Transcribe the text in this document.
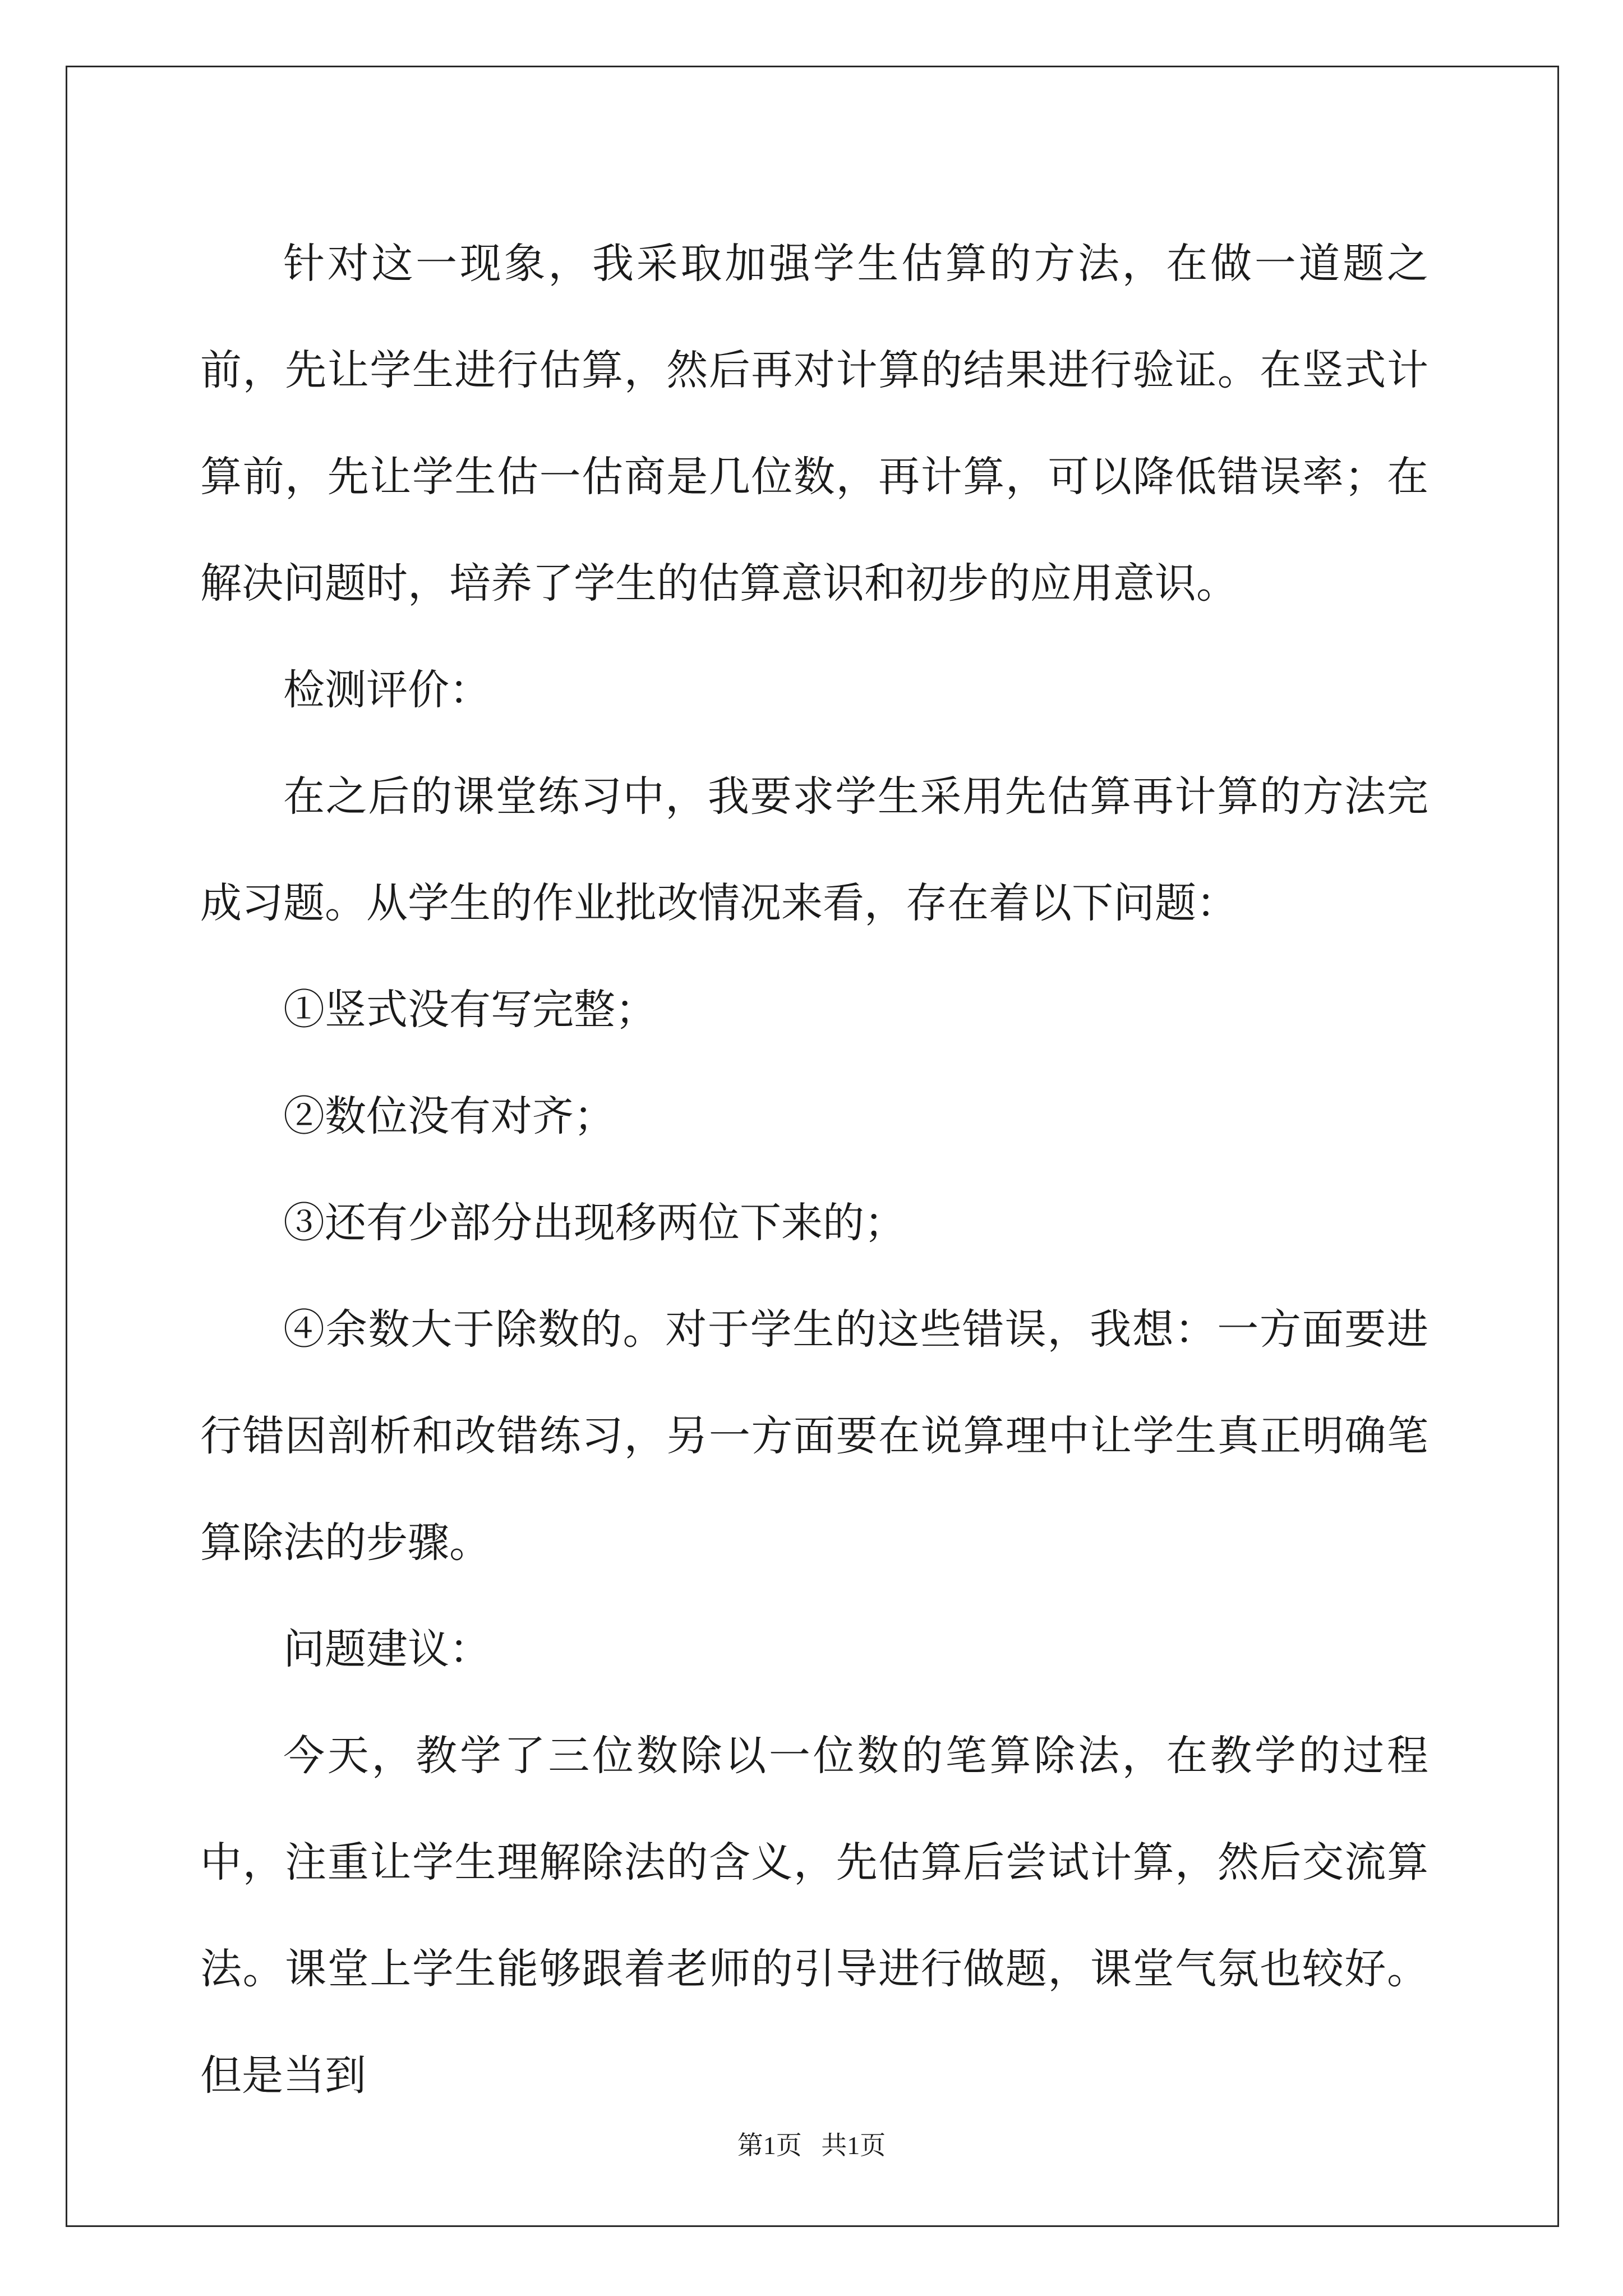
针对这一现象，我采取加强学生估算的方法，在做一道题之前，先让学生进行估算，然后再对计算的结果进行验证。在竖式计算前，先让学生估一估商是几位数，再计算，可以降低错误率；在解决问题时，培养了学生的估算意识和初步的应用意识。

检测评价：

在之后的课堂练习中，我要求学生采用先估算再计算的方法完成习题。从学生的作业批改情况来看，存在着以下问题：

①竖式没有写完整；

②数位没有对齐；

③还有少部分出现移两位下来的；

④余数大于除数的。对于学生的这些错误，我想：一方面要进行错因剖析和改错练习，另一方面要在说算理中让学生真正明确笔算除法的步骤。

问题建议：

今天，教学了三位数除以一位数的笔算除法，在教学的过程中，注重让学生理解除法的含义，先估算后尝试计算，然后交流算法。课堂上学生能够跟着老师的引导进行做题，课堂气氛也较好。但是当到

第1页 共1页
